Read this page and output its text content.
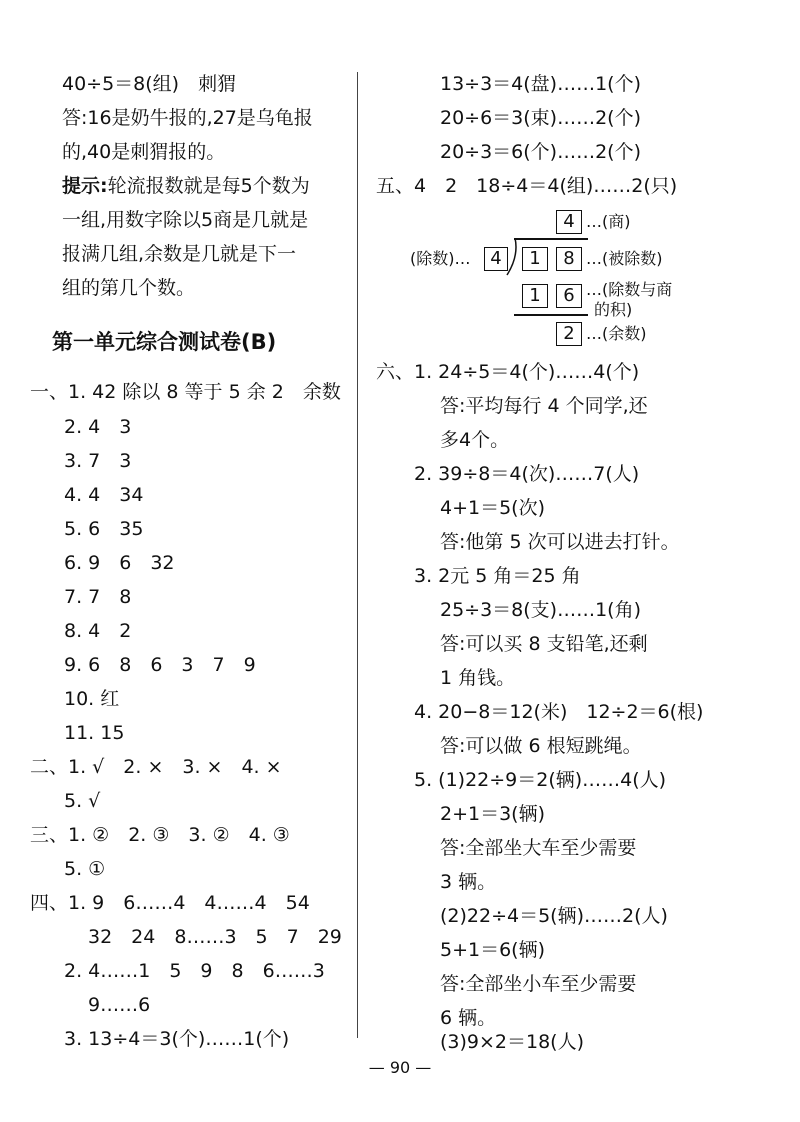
40÷5＝8(组)　刺猬
答:16是奶牛报的,27是乌龟报
的,40是刺猬报的。
提示:轮流报数就是每5个数为
一组,用数字除以5商是几就是
报满几组,余数是几就是下一
组的第几个数。
第一单元综合测试卷(B)
一、1. 42 除以 8 等于 5 余 2　余数
2. 4　3
3. 7　3
4. 4　34
5. 6　35
6. 9　6　32
7. 7　8
8. 4　2
9. 6　8　6　3　7　9
10. 红
11. 15
二、1. √　2. ×　3. ×　4. ×
5. √
三、1. ②　2. ③　3. ②　4. ③
5. ①
四、1. 9　6……4　4……4　54
32　24　8……3　5　7　29
2. 4……1　5　9　8　6……3
9……6
3. 13÷4＝3(个)……1(个)
13÷3＝4(盘)……1(个)
20÷6＝3(束)……2(个)
20÷3＝6(个)……2(个)
五、4　2　18÷4＝4(组)……2(只)
4 …(商)
(除数)…	4	1	8 …(被除数)
1	6 …(除数与商
的积)
2 …(余数)
六、1. 24÷5＝4(个)……4(个)
答:平均每行 4 个同学,还
多4个。
2. 39÷8＝4(次)……7(人)
4+1＝5(次)
答:他第 5 次可以进去打针。
3. 2元 5 角＝25 角
25÷3＝8(支)……1(角)
答:可以买 8 支铅笔,还剩
1 角钱。
4. 20−8＝12(米)　12÷2＝6(根)
答:可以做 6 根短跳绳。
5. (1)22÷9＝2(辆)……4(人)
2+1＝3(辆)
答:全部坐大车至少需要
3 辆。
(2)22÷4＝5(辆)……2(人)
5+1＝6(辆)
答:全部坐小车至少需要
6 辆。
(3)9×2＝18(人)
— 90 —
